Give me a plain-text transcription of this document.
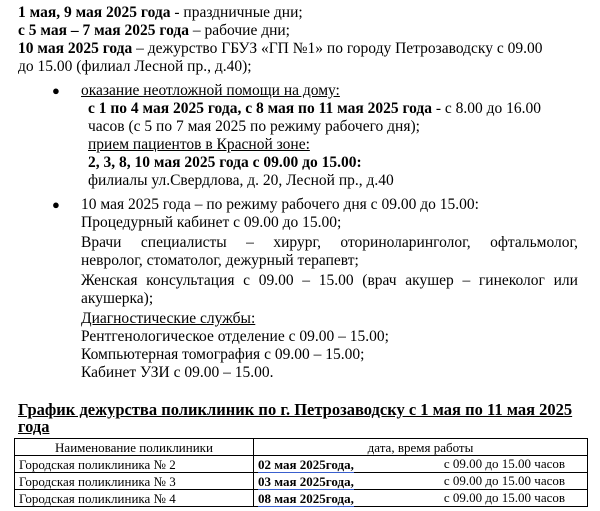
1 мая, 9 мая 2025 года - праздничные дни;
с 5 мая – 7 мая 2025 года – рабочие дни;
10 мая 2025 года – дежурство ГБУЗ «ГП №1» по городу Петрозаводску с 09.00
до 15.00 (филиал Лесной пр., д.40);
● оказание неотложной помощи на дому:
с 1 по 4 мая 2025 года, с 8 мая по 11 мая 2025 года - с 8.00 до 16.00
часов (с 5 по 7 мая 2025 по режиму рабочего дня);
прием пациентов в Красной зоне:
2, 3, 8, 10 мая 2025 года с 09.00 до 15.00:
филиалы ул.Свердлова, д. 20, Лесной пр., д.40
● 10 мая 2025 года – по режиму рабочего дня с 09.00 до 15.00:
Процедурный кабинет с 09.00 до 15.00;
Врачи специалисты – хирург, оториноларинголог, офтальмолог,
невролог, стоматолог, дежурный терапевт;
Женская консультация с 09.00 – 15.00 (врач акушер – гинеколог или
акушерка);
Диагностические службы:
Рентгенологическое отделение с 09.00 – 15.00;
Компьютерная томография с 09.00 – 15.00;
Кабинет УЗИ с 09.00 – 15.00.
График дежурства поликлиник по г. Петрозаводску с 1 мая по 11 мая 2025 года
Наименование поликлиники	дата, время работы
Городская поликлиника № 2	02 мая 2025года, с 09.00 до 15.00 часов

Городская поликлиника № 3	03 мая 2025года, с 09.00 до 15.00 часов

Городская поликлиника № 4	08 мая 2025года, с 09.00 до 15.00 часов
